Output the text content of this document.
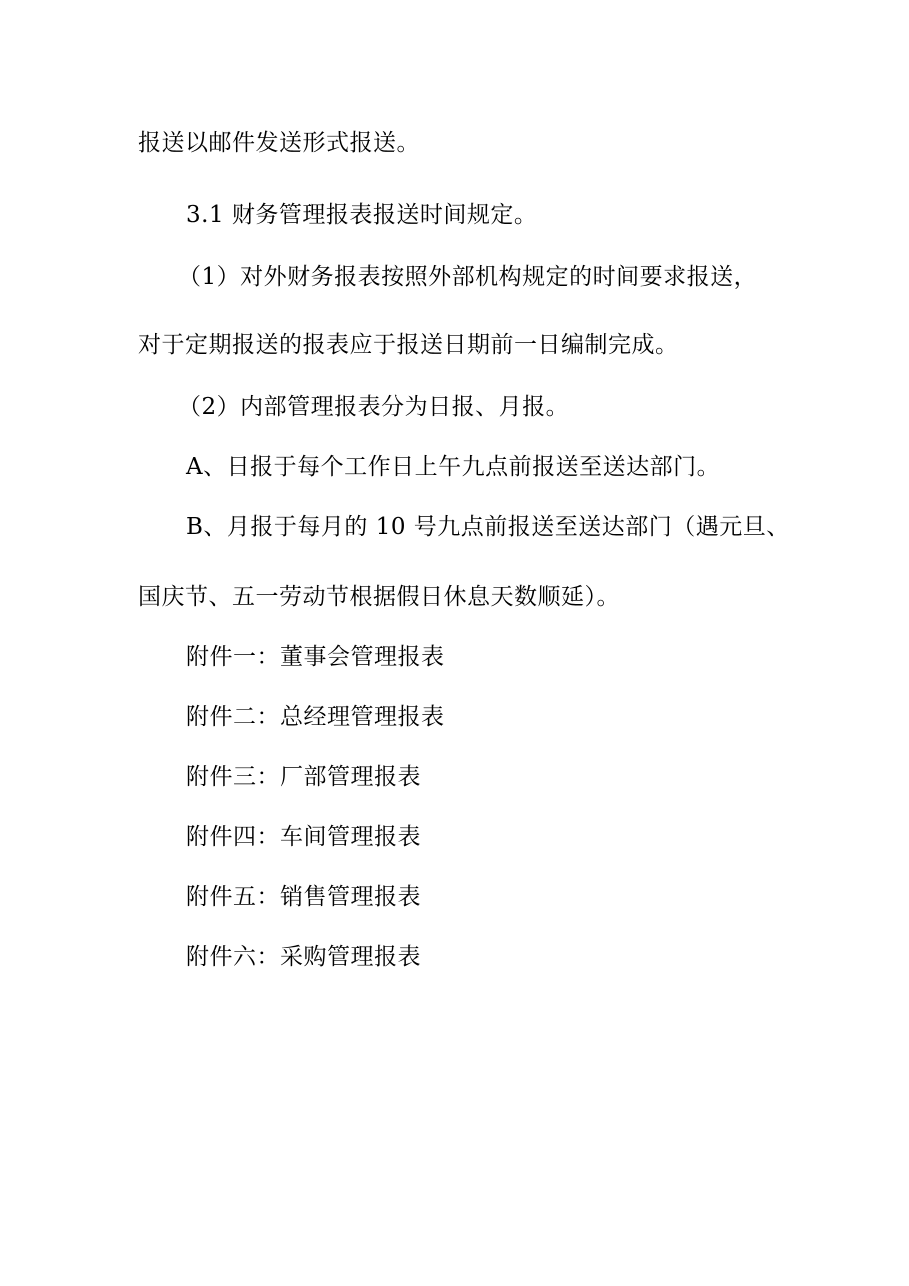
报送以邮件发送形式报送。
3.1 财务管理报表报送时间规定。
（1）对外财务报表按照外部机构规定的时间要求报送，
对于定期报送的报表应于报送日期前一日编制完成。
（2）内部管理报表分为日报、月报。
A、日报于每个工作日上午九点前报送至送达部门。
B、月报于每月的 10 号九点前报送至送达部门（遇元旦、
国庆节、五一劳动节根据假日休息天数顺延）。
附件一：董事会管理报表
附件二：总经理管理报表
附件三：厂部管理报表
附件四：车间管理报表
附件五：销售管理报表
附件六：采购管理报表
